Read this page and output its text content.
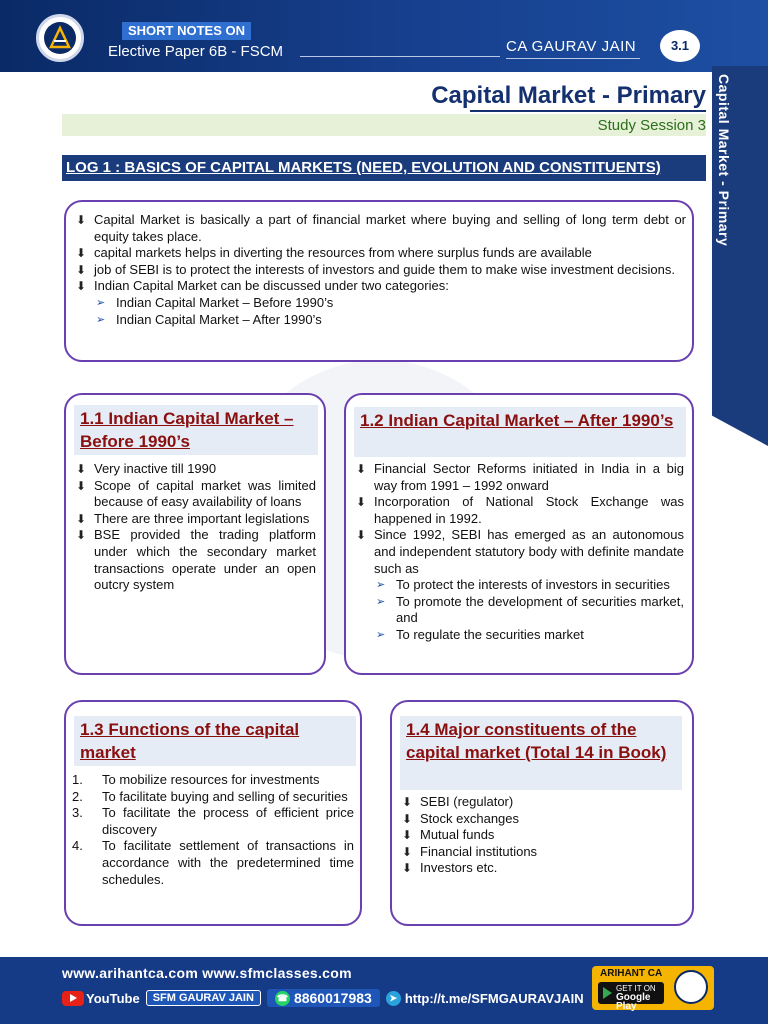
SHORT NOTES ON
Elective Paper 6B - FSCM	CA GAURAV JAIN	3.1
Capital Market - Primary
Capital Market - Primary
Study Session 3
LOG 1 : BASICS OF CAPITAL MARKETS (NEED, EVOLUTION AND CONSTITUENTS)
⬇ Capital Market is basically a part of financial market where buying and selling of long term debt or equity takes place.
⬇ capital markets helps in diverting the resources from where surplus funds are available
⬇ job of SEBI is to protect the interests of investors and guide them to make wise investment decisions.
⬇ Indian Capital Market can be discussed under two categories:
➢ Indian Capital Market – Before 1990’s
➢ Indian Capital Market – After 1990’s
1.1 Indian Capital Market – Before 1990’s
⬇ Very inactive till 1990
⬇ Scope of capital market was limited because of easy availability of loans
⬇ There are three important legislations
⬇ BSE provided the trading platform under which the secondary market transactions operate under an open outcry system
1.2 Indian Capital Market – After 1990’s
⬇ Financial Sector Reforms initiated in India in a big way from 1991 – 1992 onward
⬇ Incorporation of National Stock Exchange was happened in 1992.
⬇ Since 1992, SEBI has emerged as an autonomous and independent statutory body with definite mandate such as
➢ To protect the interests of investors in securities
➢ To promote the development of securities market, and
➢ To regulate the securities market
1.3 Functions of the capital market
1. To mobilize resources for investments
2. To facilitate buying and selling of securities
3. To facilitate the process of efficient price discovery
4. To facilitate settlement of transactions in accordance with the predetermined time schedules.
1.4 Major constituents of the capital market (Total 14 in Book)
⬇ SEBI (regulator)
⬇ Stock exchanges
⬇ Mutual funds
⬇ Financial institutions
⬇ Investors etc.
www.arihantca.com www.sfmclasses.com
YouTube	SFM GAURAV JAIN	☎ 8860017983	➤ http://t.me/SFMGAURAVJAIN
ARIHANT CA
GET IT ON
Google Play
